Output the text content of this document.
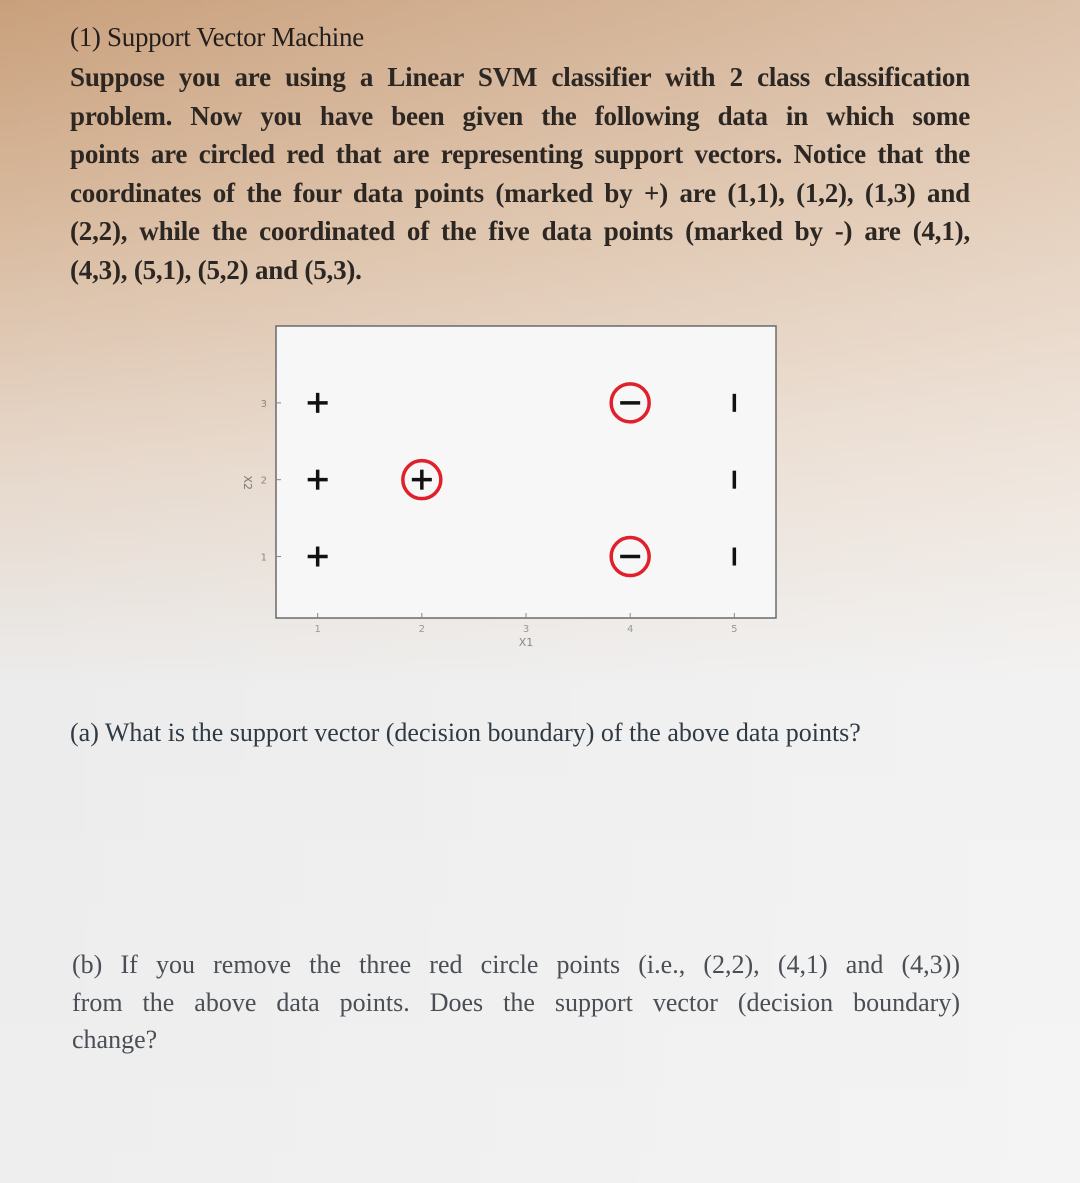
(1) Support Vector Machine
Suppose you are using a Linear SVM classifier with 2 class classification
problem. Now you have been given the following data in which some
points are circled red that are representing support vectors. Notice that the
coordinates of the four data points (marked by +) are (1,1), (1,2), (1,3) and
(2,2), while the coordinated of the five data points (marked by -) are (4,1),
(4,3), (5,1), (5,2) and (5,3).
1	2	3	4	5
1
2
3
X1
X2
(a) What is the support vector (decision boundary) of the above data points?
(b) If you remove the three red circle points (i.e., (2,2), (4,1) and (4,3))
from the above data points. Does the support vector (decision boundary)
change?
